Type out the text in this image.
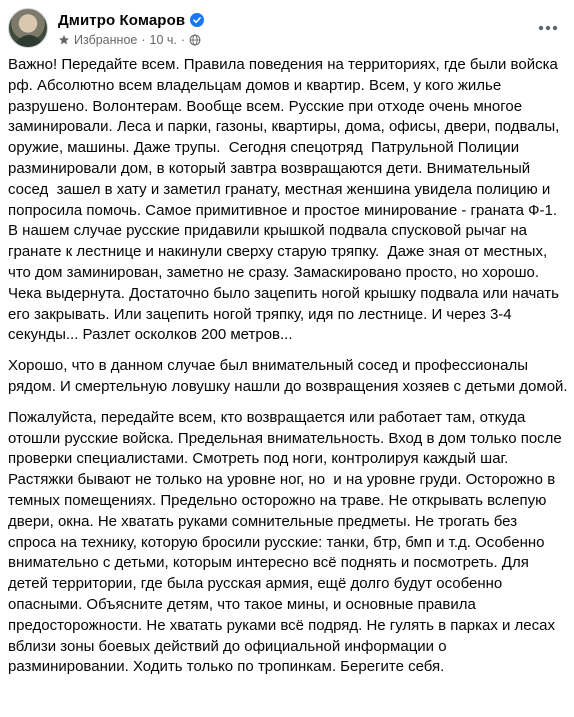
Дмитро Комаров
Избранное · 10 ч. ·

Важно! Передайте всем. Правила поведения на территориях, где были войска рф. Абсолютно всем владельцам домов и квартир. Всем, у кого жилье разрушено. Волонтерам. Вообще всем. Русские при отходе очень многое заминировали. Леса и парки, газоны, квартиры, дома, офисы, двери, подвалы, оружие, машины. Даже трупы.  Сегодня спецотряд  Патрульной Полиции разминировали дом, в который завтра возвращаются дети. Внимательный сосед  зашел в хату и заметил гранату, местная женшина увидела полицию и попросила помочь. Самое примитивное и простое минирование - граната Ф-1. В нашем случае русские придавили крышкой подвала спусковой рычаг на гранате к лестнице и накинули сверху старую тряпку.  Даже зная от местных, что дом заминирован, заметно не сразу. Замаскировано просто, но хорошо. Чека выдернута. Достаточно было зацепить ногой крышку подвала или начать его закрывать. Или зацепить ногой тряпку, идя по лестнице. И через 3-4 секунды... Разлет осколков 200 метров...

Хорошо, что в данном случае был внимательный сосед и профессионалы рядом. И смертельную ловушку нашли до возвращения хозяев с детьми домой.

Пожалуйста, передайте всем, кто возвращается или работает там, откуда отошли русские войска. Предельная внимательность. Вход в дом только после проверки специалистами. Смотреть под ноги, контролируя каждый шаг. Растяжки бывают не только на уровне ног, но  и на уровне груди. Осторожно в темных помещениях. Предельно осторожно на траве. Не открывать вслепую двери, окна. Не хватать руками сомнительные предметы. Не трогать без спроса на технику, которую бросили русские: танки, бтр, бмп и т.д. Особенно внимательно с детьми, которым интересно всё поднять и посмотреть. Для детей территории, где была русская армия, ещё долго будут особенно опасными. Объясните детям, что такое мины, и основные правила предосторожности. Не хватать руками всё подряд. Не гулять в парках и лесах вблизи зоны боевых действий до официальной информации о разминировании. Ходить только по тропинкам. Берегите себя.
